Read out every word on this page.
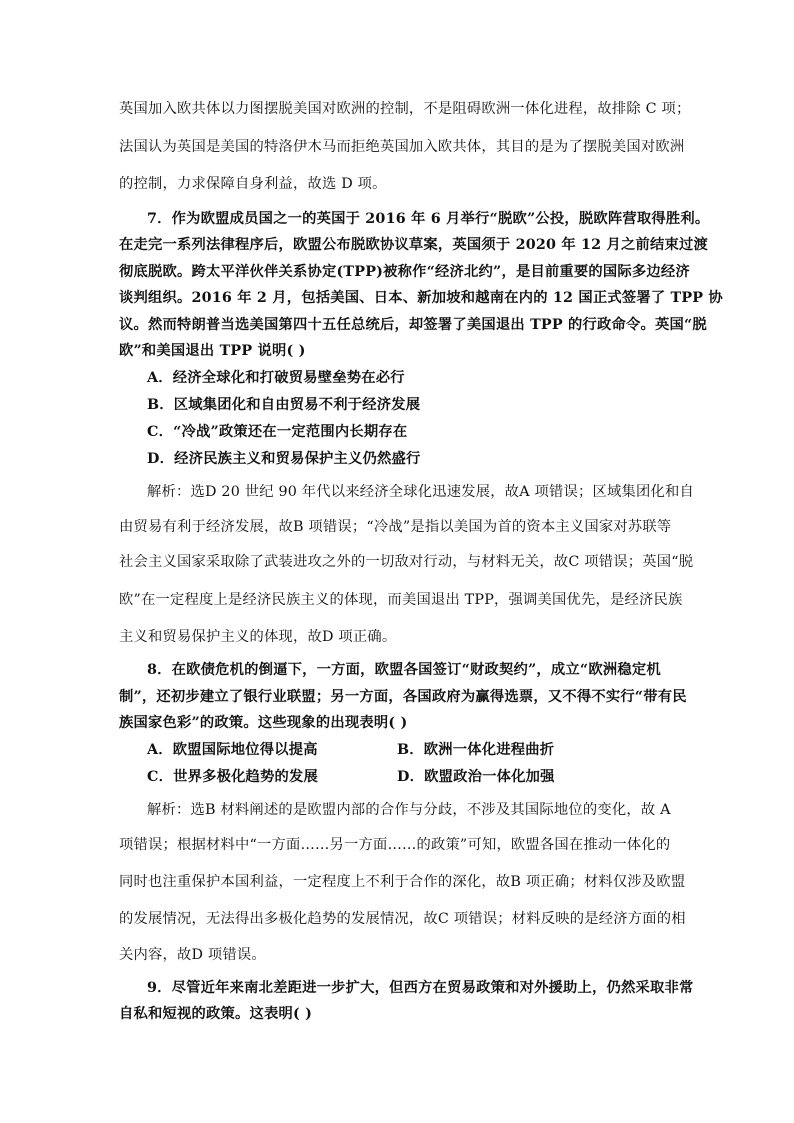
英国加入欧共体以力图摆脱美国对欧洲的控制，不是阻碍欧洲一体化进程，故排除 C 项；
法国认为英国是美国的特洛伊木马而拒绝英国加入欧共体，其目的是为了摆脱美国对欧洲
的控制，力求保障自身利益，故选 D 项。
7．作为欧盟成员国之一的英国于 2016 年 6 月举行“脱欧”公投，脱欧阵营取得胜利。
在走完一系列法律程序后，欧盟公布脱欧协议草案，英国须于 2020 年 12 月之前结束过渡
彻底脱欧。跨太平洋伙伴关系协定(TPP)被称作“经济北约”，是目前重要的国际多边经济
谈判组织。2016 年 2 月，包括美国、日本、新加坡和越南在内的 12 国正式签署了 TPP 协
议。然而特朗普当选美国第四十五任总统后，却签署了美国退出 TPP 的行政命令。英国“脱
欧”和美国退出 TPP 说明( )
A．经济全球化和打破贸易壁垒势在必行
B．区域集团化和自由贸易不利于经济发展
C．“冷战”政策还在一定范围内长期存在
D．经济民族主义和贸易保护主义仍然盛行
解析：选D 20 世纪 90 年代以来经济全球化迅速发展，故A 项错误；区域集团化和自
由贸易有利于经济发展，故B 项错误；“冷战”是指以美国为首的资本主义国家对苏联等
社会主义国家采取除了武装进攻之外的一切敌对行动，与材料无关，故C 项错误；英国“脱
欧”在一定程度上是经济民族主义的体现，而美国退出 TPP，强调美国优先，是经济民族
主义和贸易保护主义的体现，故D 项正确。
8．在欧债危机的倒逼下，一方面，欧盟各国签订“财政契约”，成立“欧洲稳定机
制”，还初步建立了银行业联盟；另一方面，各国政府为赢得选票，又不得不实行“带有民
族国家色彩”的政策。这些现象的出现表明( )
A．欧盟国际地位得以提高	B．欧洲一体化进程曲折
C．世界多极化趋势的发展	D．欧盟政治一体化加强
解析：选B 材料阐述的是欧盟内部的合作与分歧，不涉及其国际地位的变化，故 A
项错误；根据材料中“一方面……另一方面……的政策”可知，欧盟各国在推动一体化的
同时也注重保护本国利益，一定程度上不利于合作的深化，故B 项正确；材料仅涉及欧盟
的发展情况，无法得出多极化趋势的发展情况，故C 项错误；材料反映的是经济方面的相
关内容，故D 项错误。
9．尽管近年来南北差距进一步扩大，但西方在贸易政策和对外援助上，仍然采取非常
自私和短视的政策。这表明( )
